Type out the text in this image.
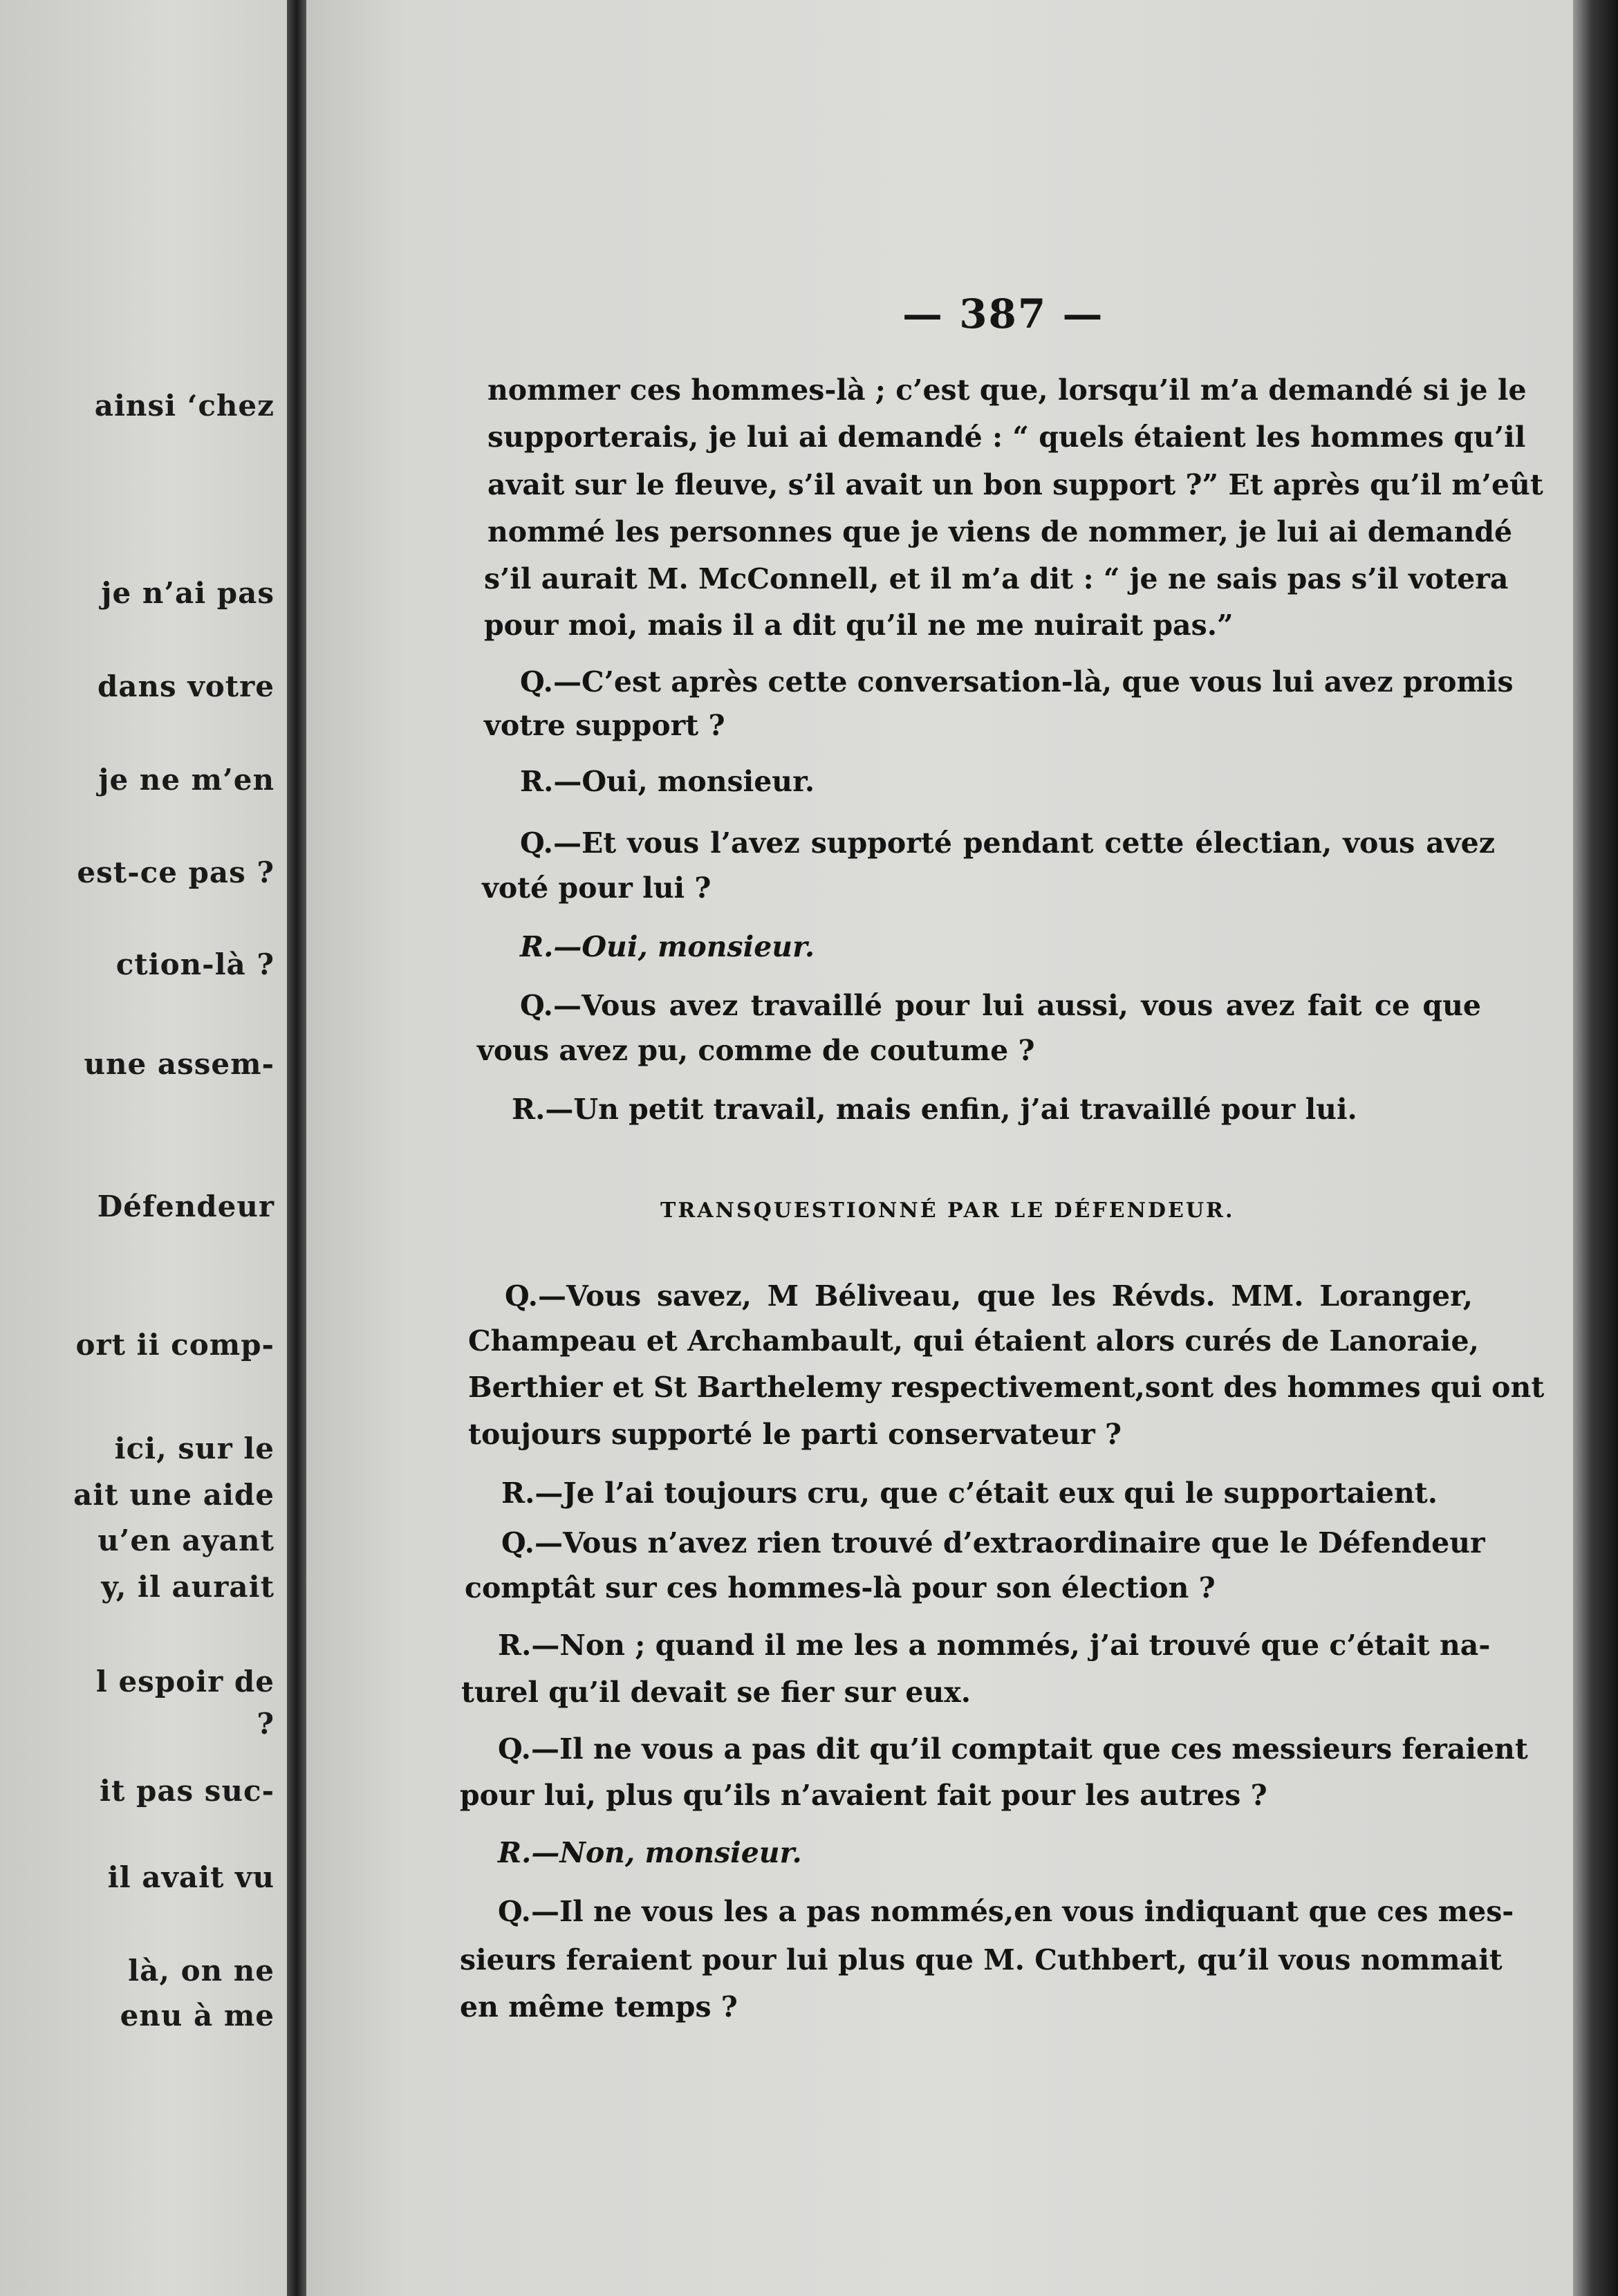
ainsi ‘chez
je n’ai pas
dans votre
je ne m’en
est-ce pas ?
ction-là ?
une assem-
Défendeur
ort ii comp-
ici, sur le
ait une aide
u’en ayant
y, il aurait
l espoir de
?
it pas suc-
il avait vu
là, on ne
enu à me
— 387 —
nommer ces hommes-là ; c’est que, lorsqu’il m’a demandé si je le
supporterais, je lui ai demandé : “ quels étaient les hommes qu’il
avait sur le fleuve, s’il avait un bon support ?” Et après qu’il m’eût
nommé les personnes que je viens de nommer, je lui ai demandé
s’il aurait M. McConnell, et il m’a dit : “ je ne sais pas s’il votera
pour moi, mais il a dit qu’il ne me nuirait pas.”
Q.—C’est après cette conversation-là, que vous lui avez promis
votre support ?
R.—Oui, monsieur.
Q.—Et vous l’avez supporté pendant cette électian, vous avez
voté pour lui ?
R.—Oui, monsieur.
Q.—Vous avez travaillé pour lui aussi, vous avez fait ce que
vous avez pu, comme de coutume ?
R.—Un petit travail, mais enfin, j’ai travaillé pour lui.
TRANSQUESTIONNÉ PAR LE DÉFENDEUR.
Q.—Vous savez, M Béliveau, que les Révds. MM. Loranger,
Champeau et Archambault, qui étaient alors curés de Lanoraie,
Berthier et St Barthelemy respectivement,sont des hommes qui ont
toujours supporté le parti conservateur ?
R.—Je l’ai toujours cru, que c’était eux qui le supportaient.
Q.—Vous n’avez rien trouvé d’extraordinaire que le Défendeur
comptât sur ces hommes-là pour son élection ?
R.—Non ; quand il me les a nommés, j’ai trouvé que c’était na-
turel qu’il devait se fier sur eux.
Q.—Il ne vous a pas dit qu’il comptait que ces messieurs feraient
pour lui, plus qu’ils n’avaient fait pour les autres ?
R.—Non, monsieur.
Q.—Il ne vous les a pas nommés,en vous indiquant que ces mes-
sieurs feraient pour lui plus que M. Cuthbert, qu’il vous nommait
en même temps ?
